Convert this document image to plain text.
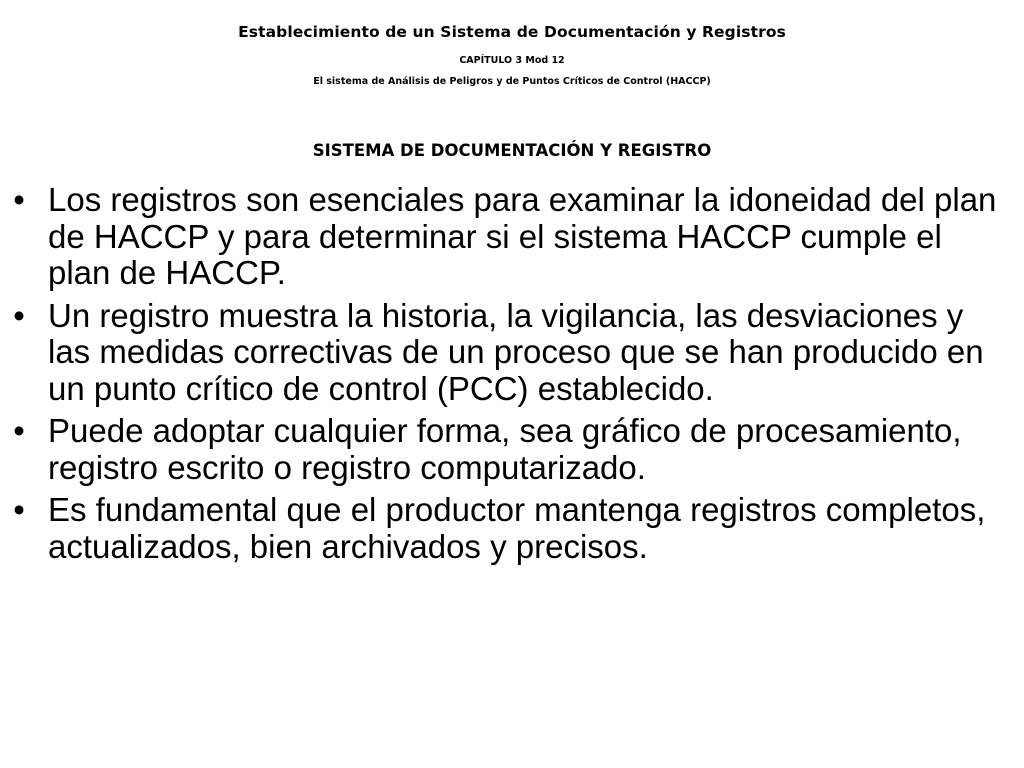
Establecimiento de un Sistema de Documentación y Registros
CAPÍTULO 3 Mod 12
El sistema de Análisis de Peligros y de Puntos Críticos de Control (HACCP)
SISTEMA DE DOCUMENTACIÓN Y REGISTRO
• Los registros son esenciales para examinar la idoneidad del plan de HACCP y para determinar si el sistema HACCP cumple el plan de HACCP.
• Un registro muestra la historia, la vigilancia, las desviaciones y las medidas correctivas de un proceso que se han producido en un punto crítico de control (PCC) establecido.
• Puede adoptar cualquier forma, sea gráfico de procesamiento, registro escrito o registro computarizado.
• Es fundamental que el productor mantenga registros completos, actualizados, bien archivados y precisos.
